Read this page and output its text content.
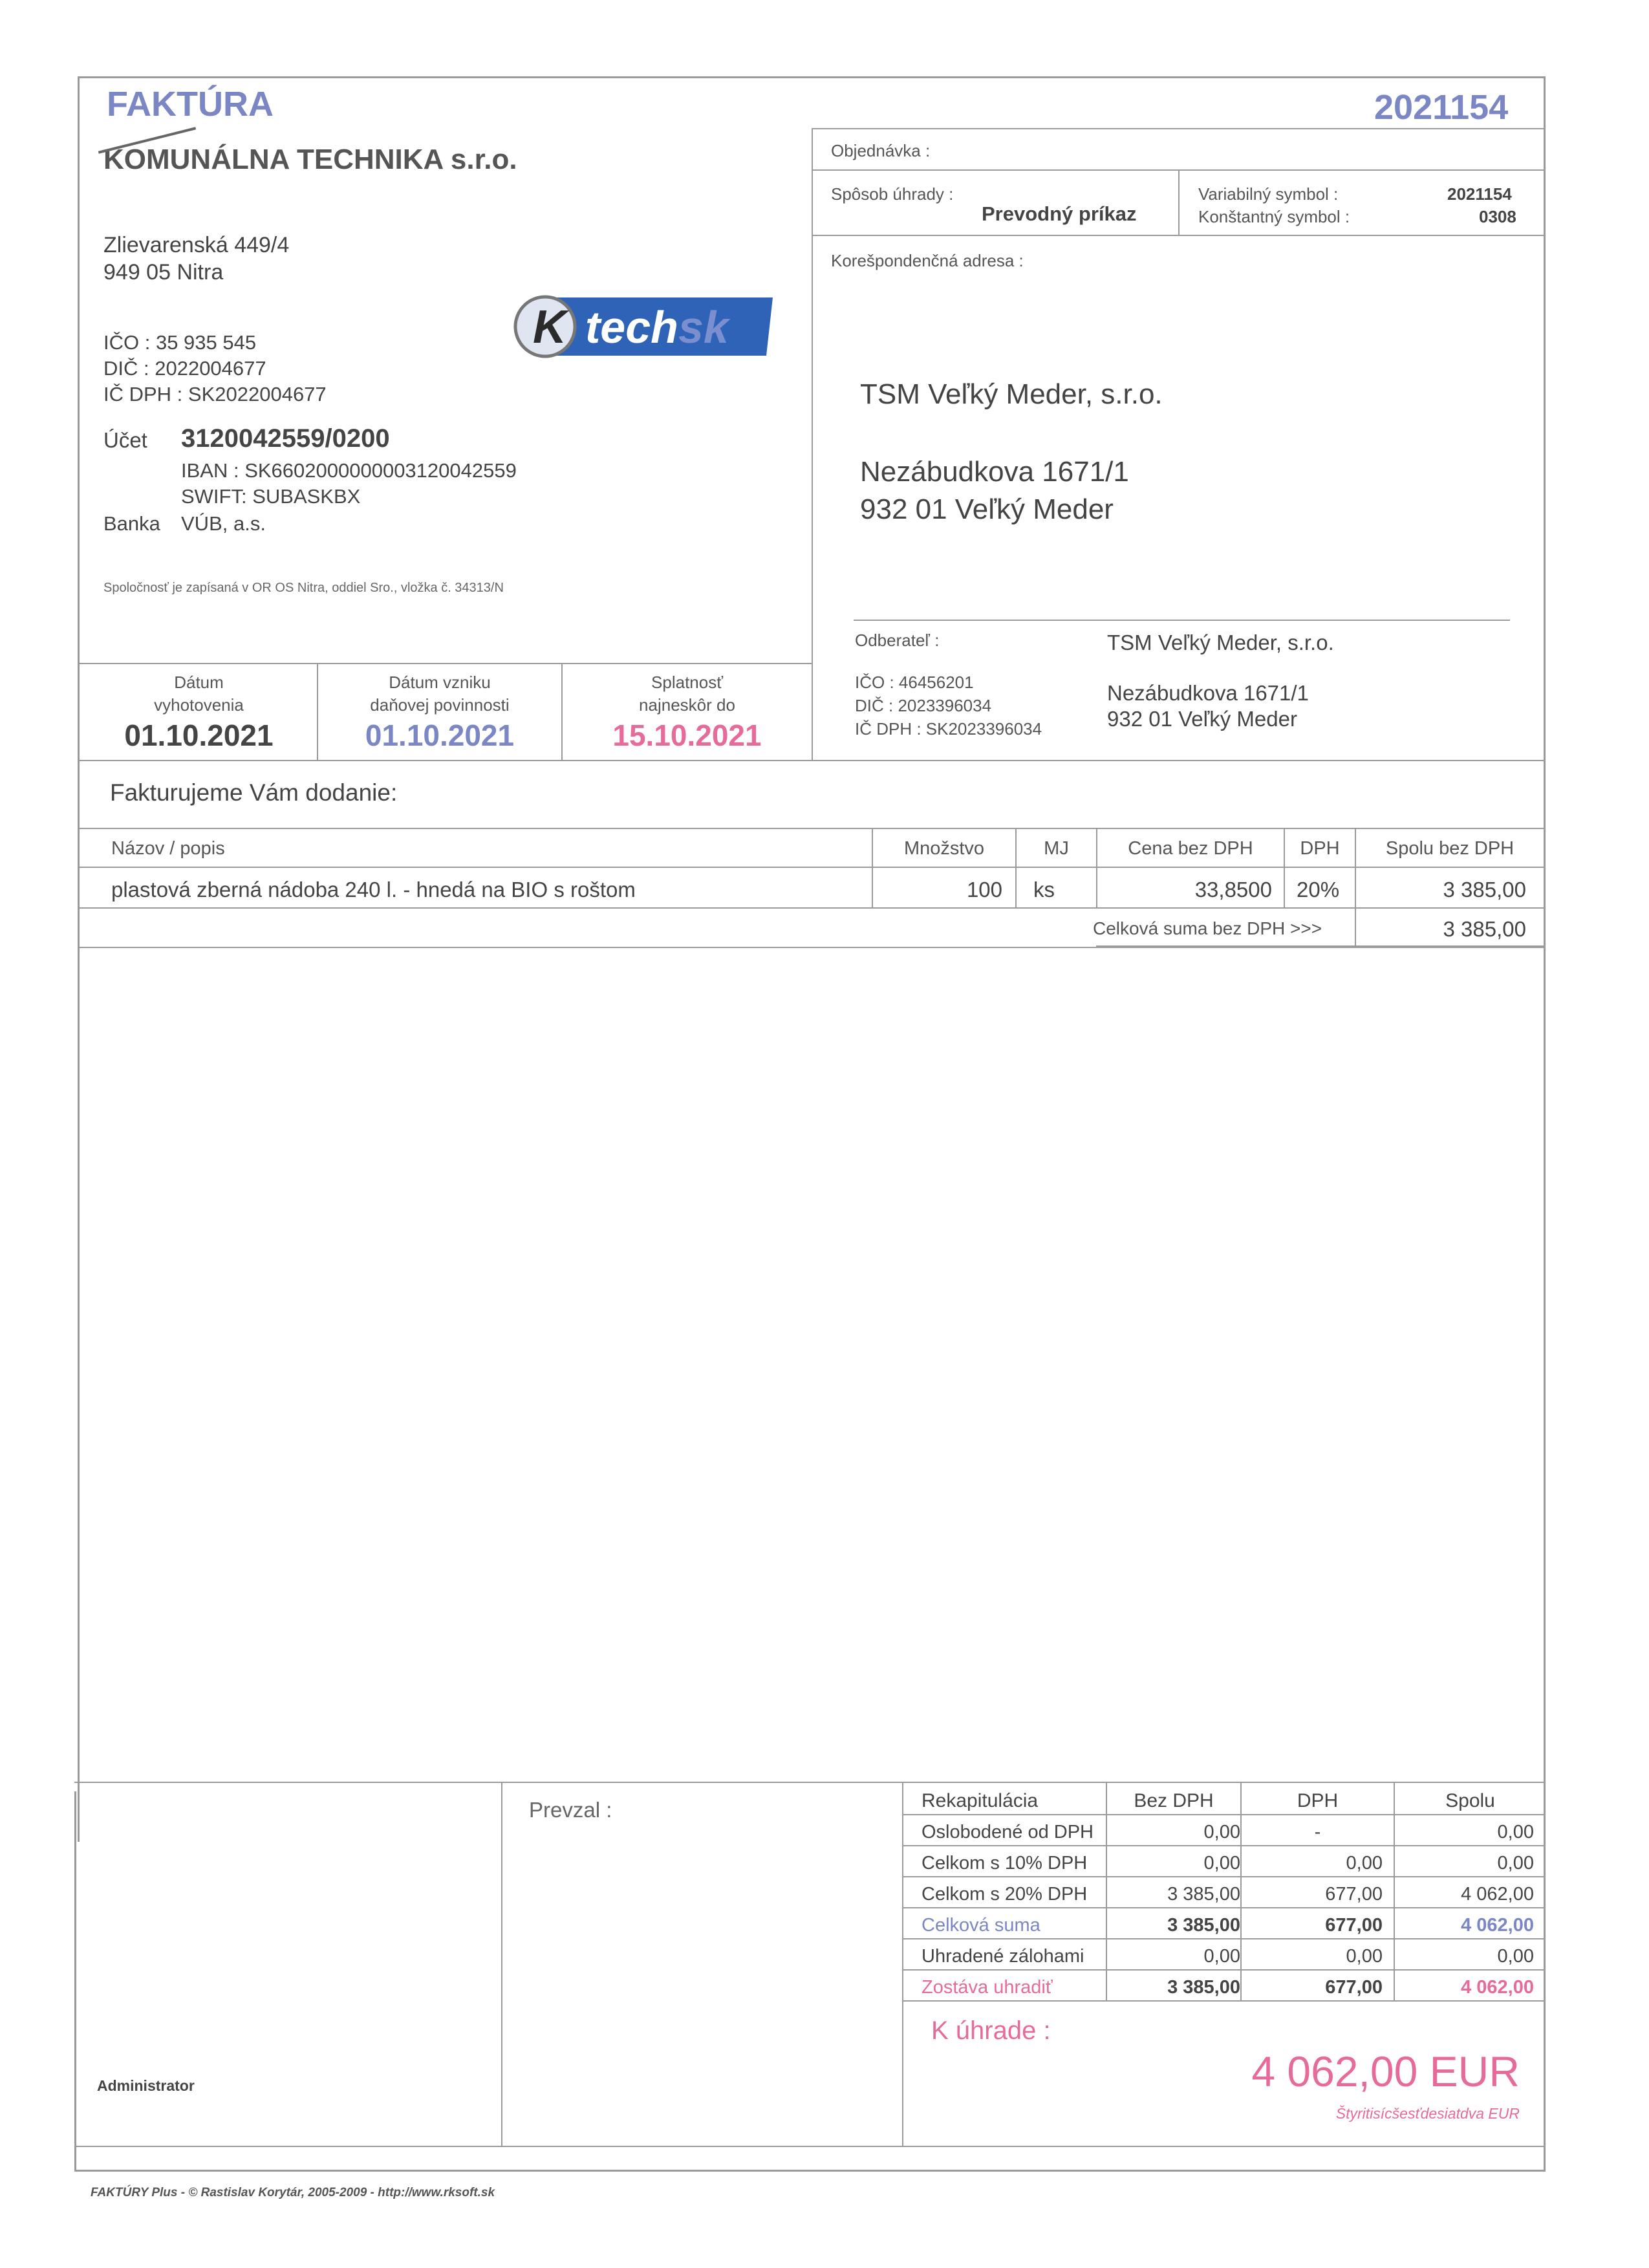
FAKTÚRA	2021154
KOMUNÁLNA TECHNIKA s.r.o.
Zlievarenská 449/4
949 05 Nitra
IČO : 35 935 545
DIČ : 2022004677
IČ DPH : SK2022004677
K techsk
Účet 3120042559/0200
IBAN : SK6602000000003120042559
SWIFT: SUBASKBX
Banka VÚB, a.s.
Spoločnosť je zapísaná v OR OS Nitra, oddiel Sro., vložka č. 34313/N
Objednávka :
Spôsob úhrady :
Prevodný príkaz
Variabilný symbol :	2021154
Konštantný symbol :	0308
Korešpondenčná adresa :
TSM Veľký Meder, s.r.o.
Nezábudkova 1671/1
932 01 Veľký Meder
Odberateľ :	TSM Veľký Meder, s.r.o.
IČO : 46456201
DIČ : 2023396034
IČ DPH : SK2023396034
Nezábudkova 1671/1
932 01 Veľký Meder
Dátum
vyhotovenia
01.10.2021
Dátum vzniku
daňovej povinnosti
01.10.2021
Splatnosť
najneskôr do
15.10.2021
Fakturujeme Vám dodanie:
Názov / popis	Množstvo	MJ	Cena bez DPH	DPH	Spolu bez DPH
plastová zberná nádoba 240 l. - hnedá na BIO s roštom	100 ks	33,8500 20%	3 385,00
Celková suma bez DPH >>>	3 385,00
Prevzal :
Administrator
Rekapitulácia	Bez DPH	DPH	Spolu
Oslobodené od DPH	0,00	-	0,00
Celkom s 10% DPH	0,00	0,00	0,00
Celkom s 20% DPH	3 385,00	677,00	4 062,00
Celková suma	3 385,00	677,00	4 062,00
Uhradené zálohami	0,00	0,00	0,00
Zostáva uhradiť	3 385,00	677,00	4 062,00
K úhrade :
4 062,00 EUR
Štyritisícšesťdesiatdva EUR
FAKTÚRY Plus - © Rastislav Korytár, 2005-2009 - http://www.rksoft.sk
